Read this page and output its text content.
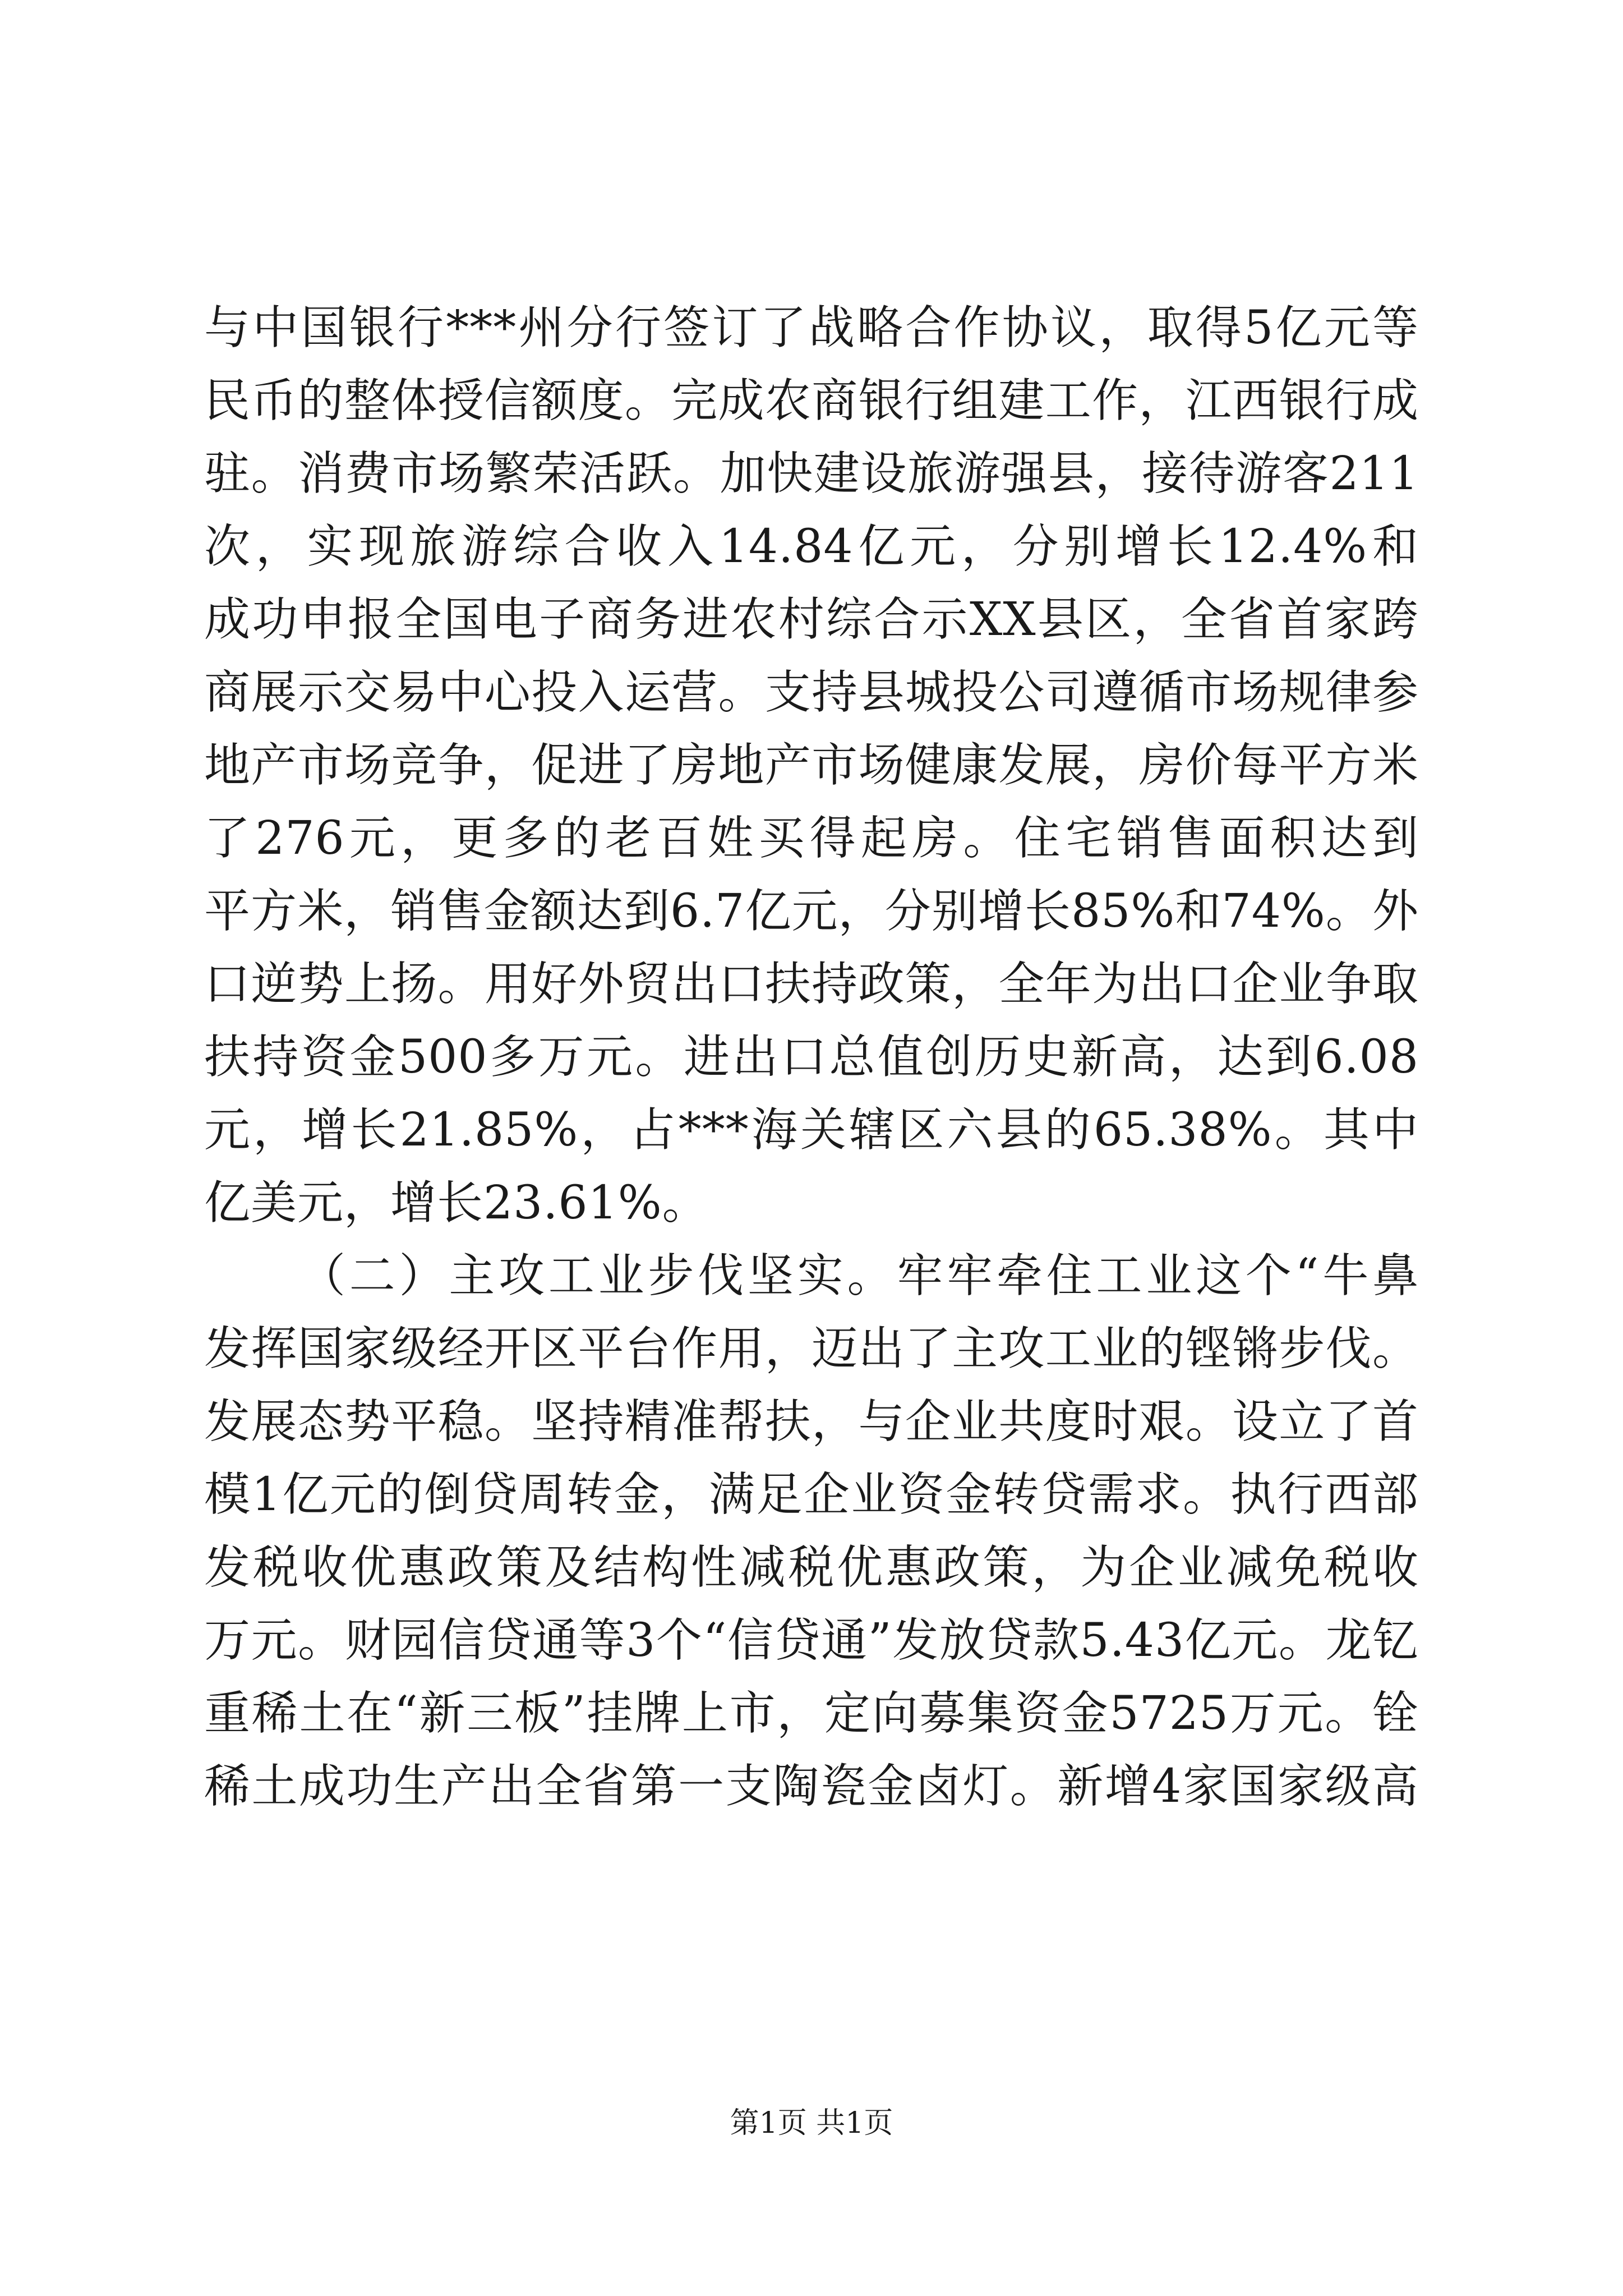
与中国银行***州分行签订了战略合作协议，取得5亿元等
民币的整体授信额度。完成农商银行组建工作，江西银行成
驻。消费市场繁荣活跃。加快建设旅游强县，接待游客211
次，实现旅游综合收入14.84亿元，分别增长12.4%和
成功申报全国电子商务进农村综合示XX县区，全省首家跨
商展示交易中心投入运营。支持县城投公司遵循市场规律参
地产市场竞争，促进了房地产市场健康发展，房价每平方米
了276元，更多的老百姓买得起房。住宅销售面积达到
平方米，销售金额达到6.7亿元，分别增长85%和74%。外
口逆势上扬。用好外贸出口扶持政策，全年为出口企业争取
扶持资金500多万元。进出口总值创历史新高，达到6.08
元，增长21.85%，占***海关辖区六县的65.38%。其中
亿美元，增长23.61%。
（二）主攻工业步伐坚实。牢牢牵住工业这个“牛鼻
发挥国家级经开区平台作用，迈出了主攻工业的铿锵步伐。
发展态势平稳。坚持精准帮扶，与企业共度时艰。设立了首
模1亿元的倒贷周转金，满足企业资金转贷需求。执行西部
发税收优惠政策及结构性减税优惠政策，为企业减免税收
万元。财园信贷通等3个“信贷通”发放贷款5.43亿元。龙钇
重稀土在“新三板”挂牌上市，定向募集资金5725万元。铨
稀土成功生产出全省第一支陶瓷金卤灯。新增4家国家级高
第1页 共1页
